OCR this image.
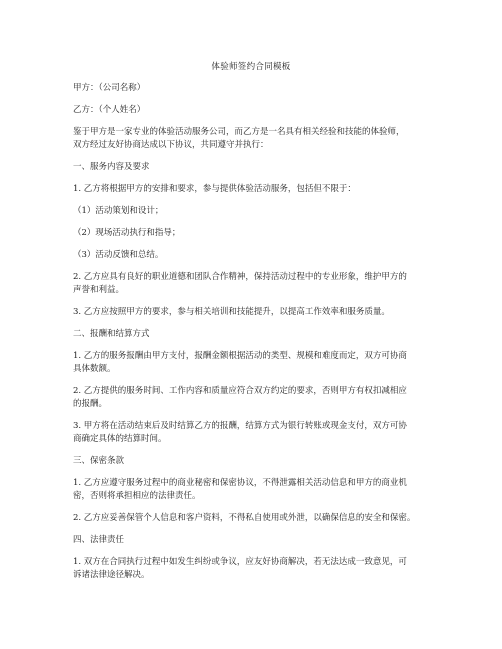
体验师签约合同模板

甲方：（公司名称）

乙方：（个人姓名）

鉴于甲方是一家专业的体验活动服务公司，而乙方是一名具有相关经验和技能的体验师，
双方经过友好协商达成以下协议，共同遵守并执行：

一、服务内容及要求

1. 乙方将根据甲方的安排和要求，参与提供体验活动服务，包括但不限于：

（1）活动策划和设计；

（2）现场活动执行和指导；

（3）活动反馈和总结。

2. 乙方应具有良好的职业道德和团队合作精神，保持活动过程中的专业形象，维护甲方的
声誉和利益。

3. 乙方应按照甲方的要求，参与相关培训和技能提升，以提高工作效率和服务质量。

二、报酬和结算方式

1. 乙方的服务报酬由甲方支付，报酬金额根据活动的类型、规模和难度而定，双方可协商
具体数额。

2. 乙方提供的服务时间、工作内容和质量应符合双方约定的要求，否则甲方有权扣减相应
的报酬。

3. 甲方将在活动结束后及时结算乙方的报酬，结算方式为银行转账或现金支付，双方可协
商确定具体的结算时间。

三、保密条款

1. 乙方应遵守服务过程中的商业秘密和保密协议，不得泄露相关活动信息和甲方的商业机
密，否则将承担相应的法律责任。

2. 乙方应妥善保管个人信息和客户资料，不得私自使用或外泄，以确保信息的安全和保密。

四、法律责任

1. 双方在合同执行过程中如发生纠纷或争议，应友好协商解决，若无法达成一致意见，可
诉诸法律途径解决。
